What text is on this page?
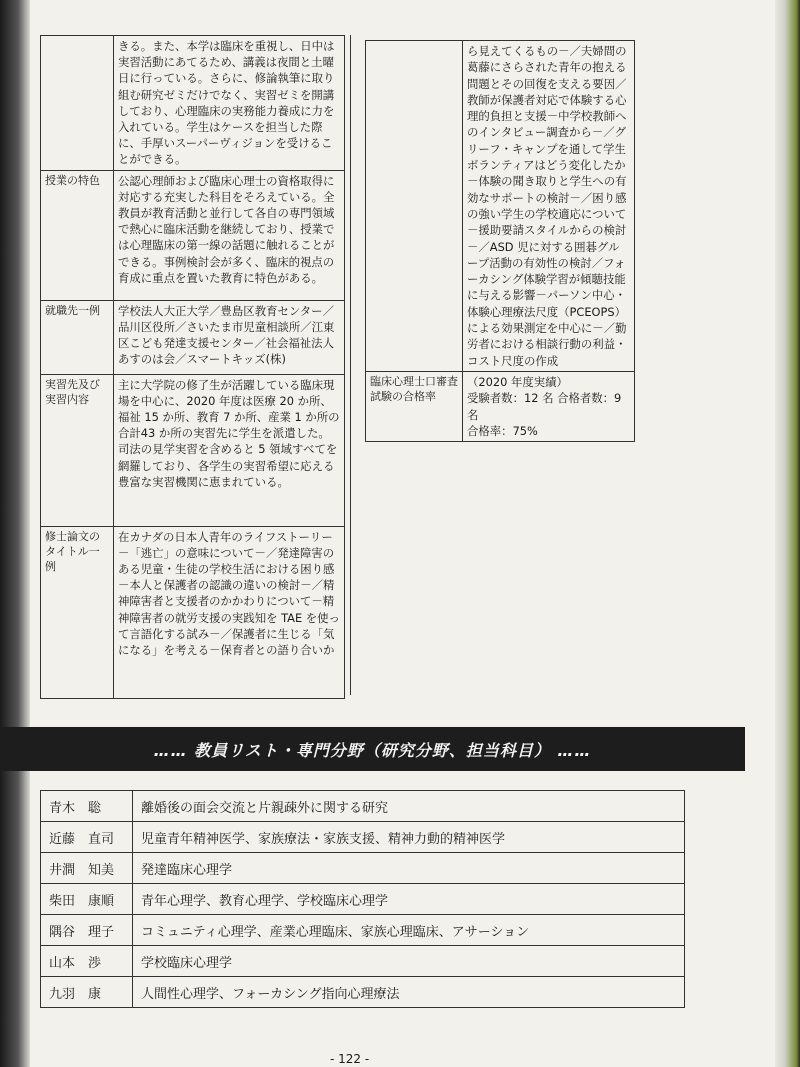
	きる。また、本学は臨床を重視し、日中は実習活動にあてるため、講義は夜間と土曜日に行っている。さらに、修論執筆に取り組む研究ゼミだけでなく、実習ゼミを開講しており、心理臨床の実務能力養成に力を入れている。学生はケースを担当した際に、手厚いスーパーヴィジョンを受けることができる。
授業の特色	公認心理師および臨床心理士の資格取得に対応する充実した科目をそろえている。全教員が教育活動と並行して各自の専門領域で熱心に臨床活動を継続しており、授業では心理臨床の第一線の話題に触れることができる。事例検討会が多く、臨床的視点の育成に重点を置いた教育に特色がある。
就職先一例	学校法人大正大学／豊島区教育センター／品川区役所／さいたま市児童相談所／江東区こども発達支援センター／社会福祉法人あすのは会／スマートキッズ(株)
実習先及び実習内容	主に大学院の修了生が活躍している臨床現場を中心に、2020 年度は医療 20 か所、福祉 15 か所、教育 7 か所、産業 1 か所の合計43 か所の実習先に学生を派遣した。司法の見学実習を含めると 5 領域すべてを網羅しており、各学生の実習希望に応える豊富な実習機関に恵まれている。
修士論文のタイトル一例	在カナダの日本人青年のライフストーリー－「逃亡」の意味について－／発達障害のある児童・生徒の学校生活における困り感－本人と保護者の認識の違いの検討－／精神障害者と支援者のかかわりについて－精神障害者の就労支援の実践知を TAE を使って言語化する試み－／保護者に生じる「気になる」を考える－保育者との語り合いか
	ら見えてくるもの－／夫婦間の葛藤にさらされた青年の抱える問題とその回復を支える要因／教師が保護者対応で体験する心理的負担と支援－中学校教師へのインタビュー調査から－／グリーフ・キャンプを通して学生ボランティアはどう変化したか－体験の聞き取りと学生への有効なサポートの検討－／困り感の強い学生の学校適応について－援助要請スタイルからの検討－／ASD 児に対する囲碁グループ活動の有効性の検討／フォーカシング体験学習が傾聴技能に与える影響－パーソン中心・体験心理療法尺度（PCEOPS）による効果測定を中心に－／勤労者における相談行動の利益・コスト尺度の作成
臨床心理士口審査試験の合格率	（2020 年度実績）
受験者数：12 名 合格者数：9 名
合格率：75%
…… 教員リスト・専門分野（研究分野、担当科目） ……
青木　聡	離婚後の面会交流と片親疎外に関する研究
近藤　直司	児童青年精神医学、家族療法・家族支援、精神力動的精神医学
井澗　知美	発達臨床心理学
柴田　康順	青年心理学、教育心理学、学校臨床心理学
隅谷　理子	コミュニティ心理学、産業心理臨床、家族心理臨床、アサーション
山本　渉	学校臨床心理学
九羽　康	人間性心理学、フォーカシング指向心理療法
- 122 -
